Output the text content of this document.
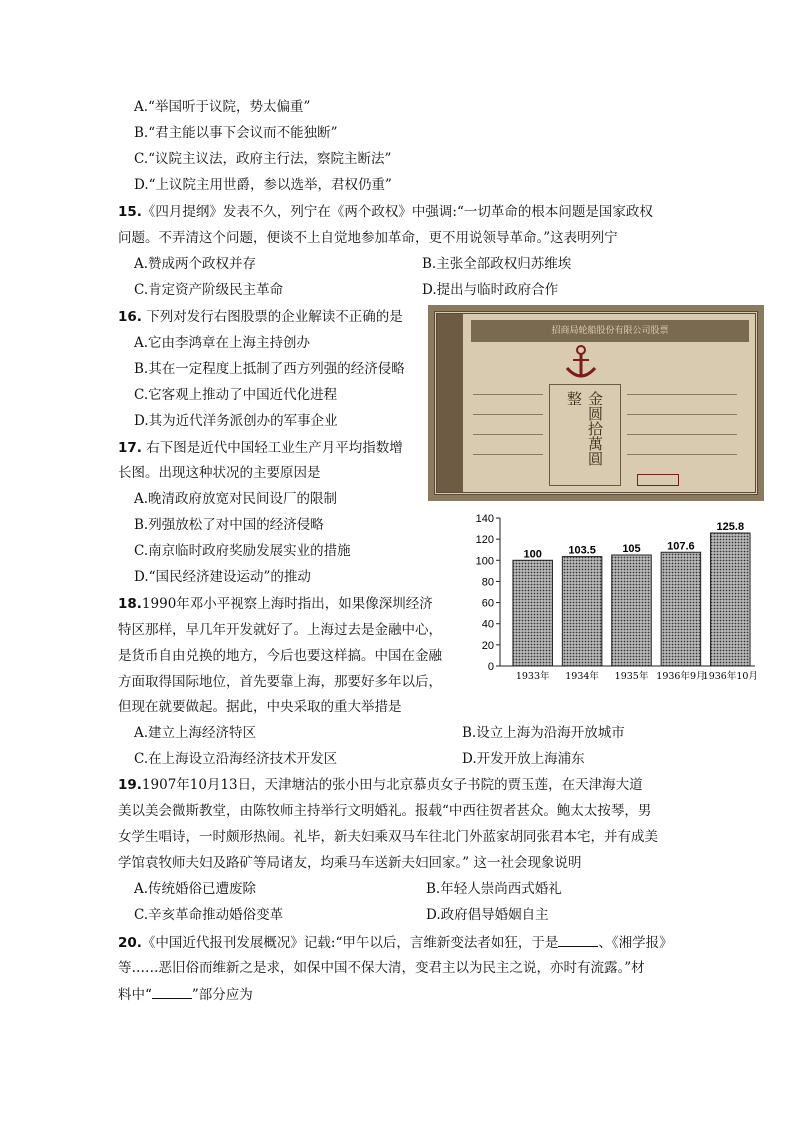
A.“举国听于议院，势太偏重”
B.“君主能以事下会议而不能独断”
C.“议院主议法，政府主行法，察院主断法”
D.“上议院主用世爵，参以选举，君权仍重”
15.《四月提纲》发表不久，列宁在《两个政权》中强调:“一切革命的根本问题是国家政权
问题。不弄清这个问题，便谈不上自觉地参加革命，更不用说领导革命。”这表明列宁
A.赞成两个政权并存	B.主张全部政权归苏维埃
C.肯定资产阶级民主革命	D.提出与临时政府合作
16. 下列对发行右图股票的企业解读不正确的是
A.它由李鸿章在上海主持创办
B.其在一定程度上抵制了西方列强的经济侵略
C.它客观上推动了中国近代化进程
D.其为近代洋务派创办的军事企业
招商局轮船股份有限公司股票
金圆拾萬圓整
17. 右下图是近代中国轻工业生产月平均指数增
长图。出现这种状况的主要原因是
A.晚清政府放宽对民间设厂的限制
B.列强放松了对中国的经济侵略
C.南京临时政府奖励发展实业的措施
D.“国民经济建设运动”的推动
0
20
40
60
80
100
120
140
100
1933年
103.5
1934年
105
1935年
107.6
1936年9月
125.8
1936年10月
18.1990年邓小平视察上海时指出，如果像深圳经济
特区那样，早几年开发就好了。上海过去是金融中心，
是货币自由兑换的地方，今后也要这样搞。中国在金融
方面取得国际地位，首先要靠上海，那要好多年以后，
但现在就要做起。据此，中央采取的重大举措是
A.建立上海经济特区	B.设立上海为沿海开放城市
C.在上海设立沿海经济技术开发区	D.开发开放上海浦东
19.1907年10月13日，天津塘沽的张小田与北京慕贞女子书院的贾玉莲，在天津海大道
美以美会微斯教堂，由陈牧师主持举行文明婚礼。报载“中西往贺者甚众。鲍太太按琴，男
女学生唱诗，一时颇形热闹。礼毕，新夫妇乘双马车往北门外蓝家胡同张君本宅，并有成美
学馆袁牧师夫妇及路矿等局诸友，均乘马车送新夫妇回家。” 这一社会现象说明
A.传统婚俗已遭废除	B.年轻人崇尚西式婚礼
C.辛亥革命推动婚俗变革	D.政府倡导婚姻自主
20.《中国近代报刊发展概况》记载:“甲午以后，言维新变法者如狂，于是	、《湘学报》
等……恶旧俗而维新之是求，如保中国不保大清，变君主以为民主之说，亦时有流露。”材
料中“	”部分应为
